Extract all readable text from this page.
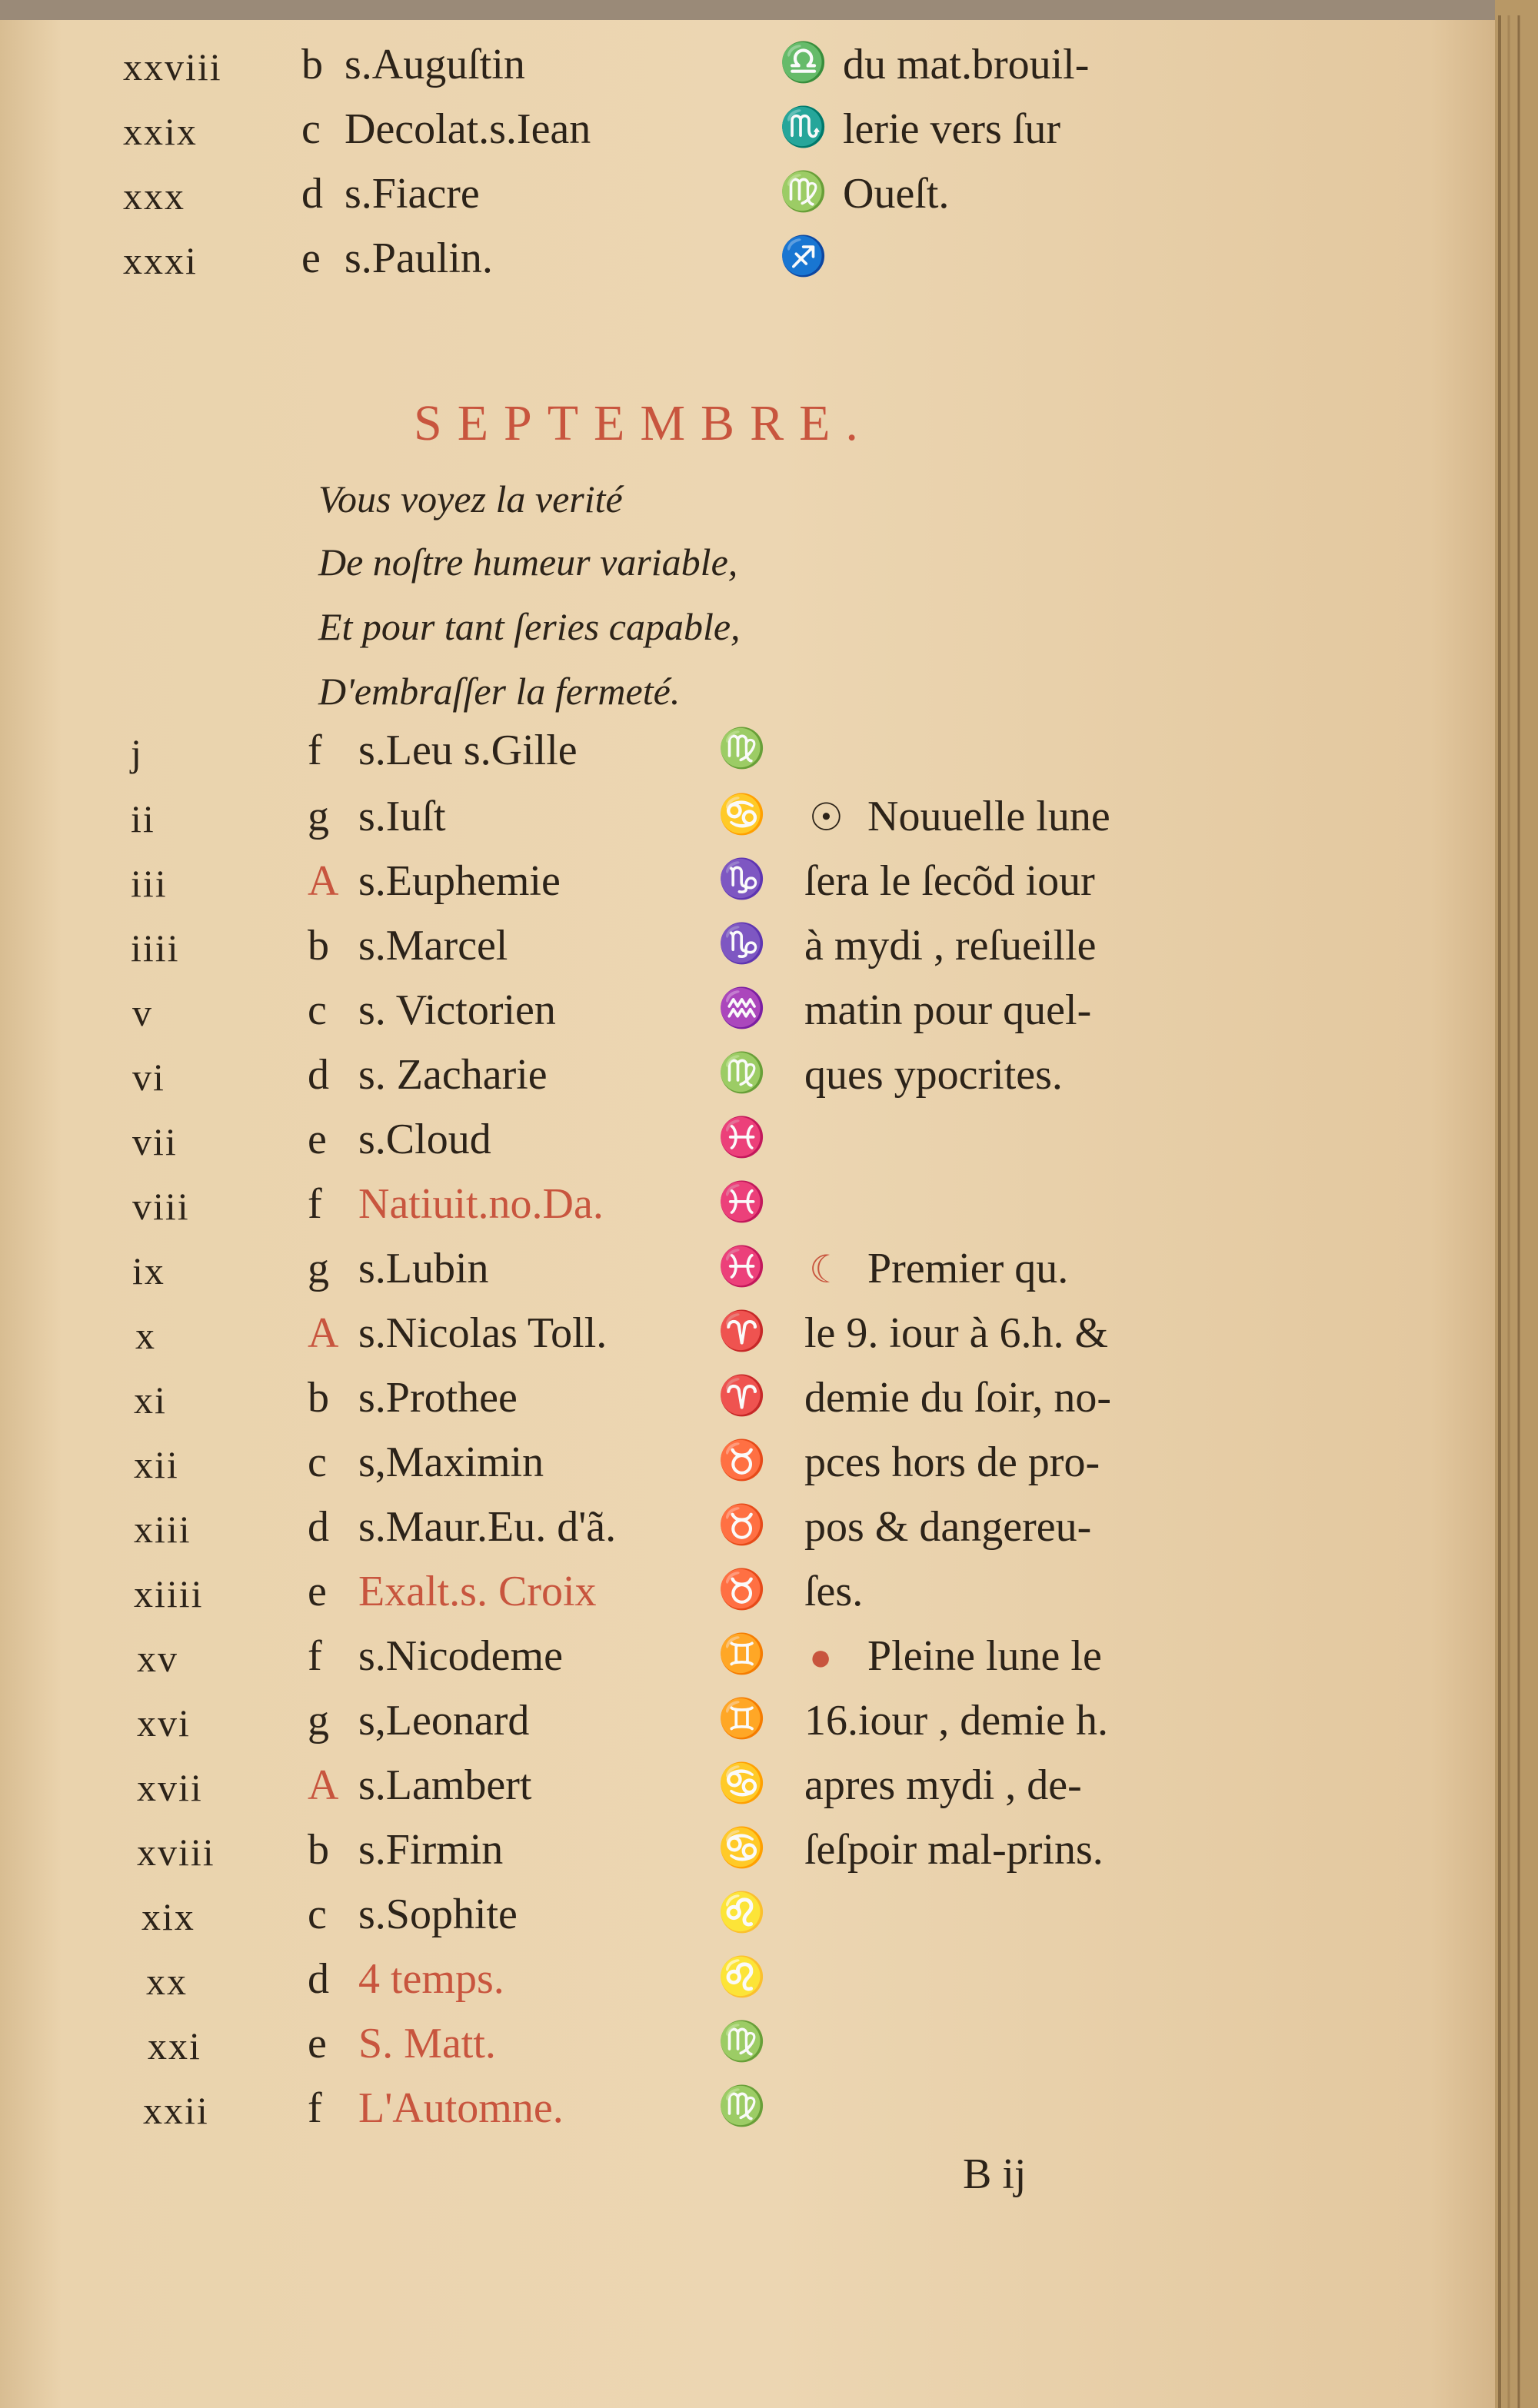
xxviii b s.Auguſtin	♎ du mat.brouil-
xxix c Decolat.s.Iean	♏ lerie vers ſur
xxx	d s.Fiacre	♍ Oueſt.
xxxi e s.Paulin.	♐
SEPTEMBRE.
Vous voyez la verité
De noſtre humeur variable,
Et pour tant ſeries capable,
D'embraſſer la fermeté.
j	f s.Leu s.Gille	♍
ii	g s.Iuſt	♋ ☉ Nouuelle lune
iii	A s.Euphemie	♑ ſera le ſecõd iour
iiii	b s.Marcel	♑ à mydi , reſueille
v	c s. Victorien	♒ matin pour quel-
vi	d s. Zacharie	♍ ques ypocrites.
vii	e s.Cloud	♓
viii	f Natiuit.no.Da.	♓
ix	g s.Lubin	♓ ☾ Premier qu.
x	A s.Nicolas Toll.	♈ le 9. iour à 6.h. &
xi	b s.Prothee	♈ demie du ſoir, no-
xii	c s,Maximin	♉ pces hors de pro-
xiii	d s.Maur.Eu. d'ã.	♉ pos & dangereu-
xiiii e Exalt.s. Croix	♉ ſes.
xv	f s.Nicodeme	♊ ● Pleine lune le
xvi	g s,Leonard	♊ 16.iour , demie h.
xvii A s.Lambert	♋ apres mydi , de-
xviii b s.Firmin	♋ ſeſpoir mal-prins.
xix	c s.Sophite	♌
xx	d 4 temps.	♌
xxi e S. Matt.	♍
xxii f L'Automne.	♍
B ij
